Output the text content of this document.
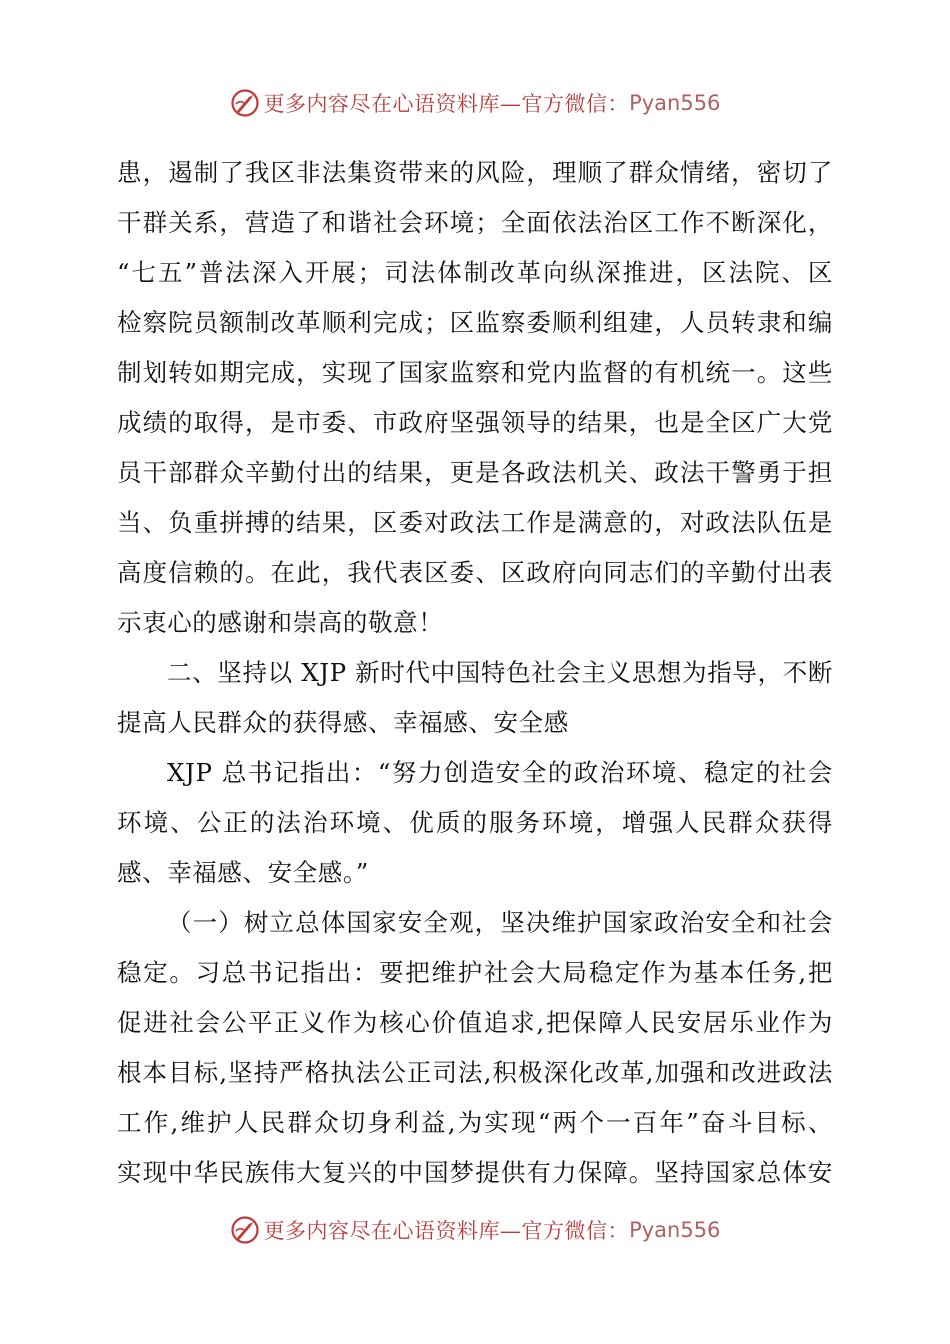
更多内容尽在心语资料库—官方微信： Pyan556
患，遏制了我区非法集资带来的风险，理顺了群众情绪，密切了
干群关系，营造了和谐社会环境；全面依法治区工作不断深化，
“七五”普法深入开展；司法体制改革向纵深推进，区法院、区
检察院员额制改革顺利完成；区监察委顺利组建，人员转隶和编
制划转如期完成，实现了国家监察和党内监督的有机统一。这些
成绩的取得，是市委、市政府坚强领导的结果，也是全区广大党
员干部群众辛勤付出的结果，更是各政法机关、政法干警勇于担
当、负重拼搏的结果，区委对政法工作是满意的，对政法队伍是
高度信赖的。在此，我代表区委、区政府向同志们的辛勤付出表
示衷心的感谢和崇高的敬意！
二、坚持以 XJP 新时代中国特色社会主义思想为指导，不断
提高人民群众的获得感、幸福感、安全感
XJP 总书记指出：“努力创造安全的政治环境、稳定的社会
环境、公正的法治环境、优质的服务环境，增强人民群众获得
感、幸福感、安全感。”
（一）树立总体国家安全观，坚决维护国家政治安全和社会
稳定。习总书记指出：要把维护社会大局稳定作为基本任务,把
促进社会公平正义作为核心价值追求,把保障人民安居乐业作为
根本目标,坚持严格执法公正司法,积极深化改革,加强和改进政法
工作,维护人民群众切身利益,为实现“两个一百年”奋斗目标、
实现中华民族伟大复兴的中国梦提供有力保障。坚持国家总体安
更多内容尽在心语资料库—官方微信： Pyan556
